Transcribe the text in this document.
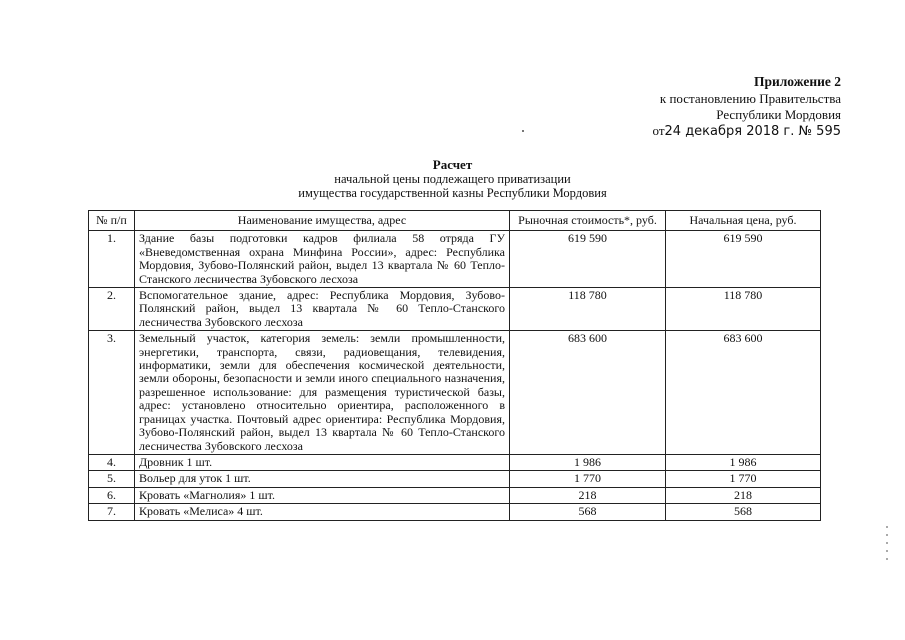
Приложение 2
к постановлению Правительства
Республики Мордовия
от24 декабря 2018 г. № 595
Расчет
начальной цены подлежащего приватизации
имущества государственной казны Республики Мордовия
№ п/п	Наименование имущества, адрес	Рыночная стоимость*, руб.	Начальная цена, руб.
1.	Здание базы подготовки кадров филиала 58 отряда ГУ «Вневедомственная охрана Минфина России», адрес: Республика Мордовия, Зубово-Полянский район, выдел 13 квартала № 60 Тепло-Станского лесничества Зубовского лесхоза	619 590	619 590
2.	Вспомогательное здание, адрес: Республика Мордовия, Зубово-Полянский район, выдел 13 квартала № 60 Тепло-Станского лесничества Зубовского лесхоза	118 780	118 780
3.	Земельный участок, категория земель: земли промышленности, энергетики, транспорта, связи, радиовещания, телевидения, информатики, земли для обеспечения космической деятельности, земли обороны, безопасности и земли иного специального назначения, разрешенное использование: для размещения туристической базы, адрес: установлено относительно ориентира, расположенного в границах участка. Почтовый адрес ориентира: Республика Мордовия, Зубово-Полянский район, выдел 13 квартала № 60 Тепло-Станского лесничества Зубовского лесхоза	683 600	683 600
4.	Дровник 1 шт.	1 986	1 986
5.	Вольер для уток 1 шт.	1 770	1 770
6.	Кровать «Магнолия» 1 шт.	218	218
7.	Кровать «Мелиса» 4 шт.	568	568
